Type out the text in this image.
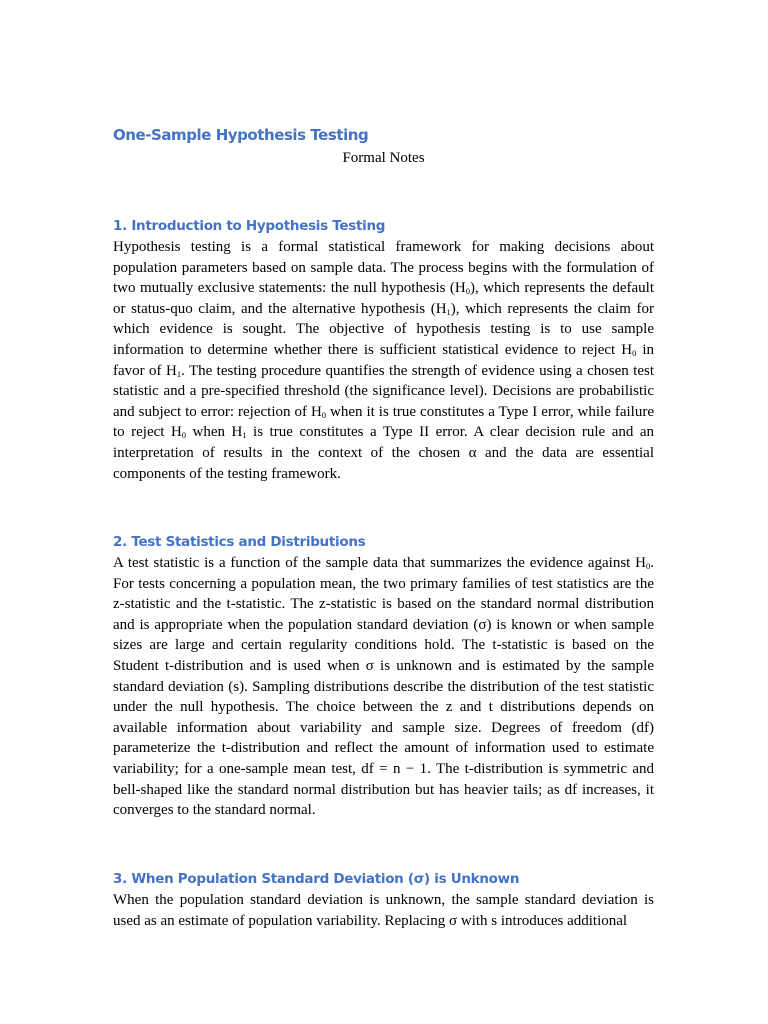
One-Sample Hypothesis Testing

Formal Notes

1. Introduction to Hypothesis Testing

Hypothesis testing is a formal statistical framework for making decisions about population parameters based on sample data. The process begins with the formulation of two mutually exclusive statements: the null hypothesis $(H_0)$, which represents the default or status-quo claim, and the alternative hypothesis $(H_1)$, which represents the claim for which evidence is sought. The objective of hypothesis testing is to use sample information to determine whether there is sufficient statistical evidence to reject $H_0$ in favor of $H_1$. The testing procedure quantifies the strength of evidence using a chosen test statistic and a pre-specified threshold (the significance level). Decisions are probabilistic and subject to error: rejection of $H_0$ when it is true constitutes a Type I error, while failure to reject $H_0$ when $H_1$ is true constitutes a Type II error. A clear decision rule and an interpretation of results in the context of the chosen α and the data are essential components of the testing framework.

2. Test Statistics and Distributions

A test statistic is a function of the sample data that summarizes the evidence against $H_0$. For tests concerning a population mean, the two primary families of test statistics are the z-statistic and the t-statistic. The z-statistic is based on the standard normal distribution and is appropriate when the population standard deviation (σ) is known or when sample sizes are large and certain regularity conditions hold. The t-statistic is based on the Student t-distribution and is used when σ is unknown and is estimated by the sample standard deviation (s). Sampling distributions describe the distribution of the test statistic under the null hypothesis. The choice between the z and t distributions depends on available information about variability and sample size. Degrees of freedom (df) parameterize the t-distribution and reflect the amount of information used to estimate variability; for a one-sample mean test, df = n − 1. The t-distribution is symmetric and bell-shaped like the standard normal distribution but has heavier tails; as df increases, it converges to the standard normal.

3. When Population Standard Deviation (σ) is Unknown

When the population standard deviation is unknown, the sample standard deviation is used as an estimate of population variability. Replacing σ with s introduces additional
